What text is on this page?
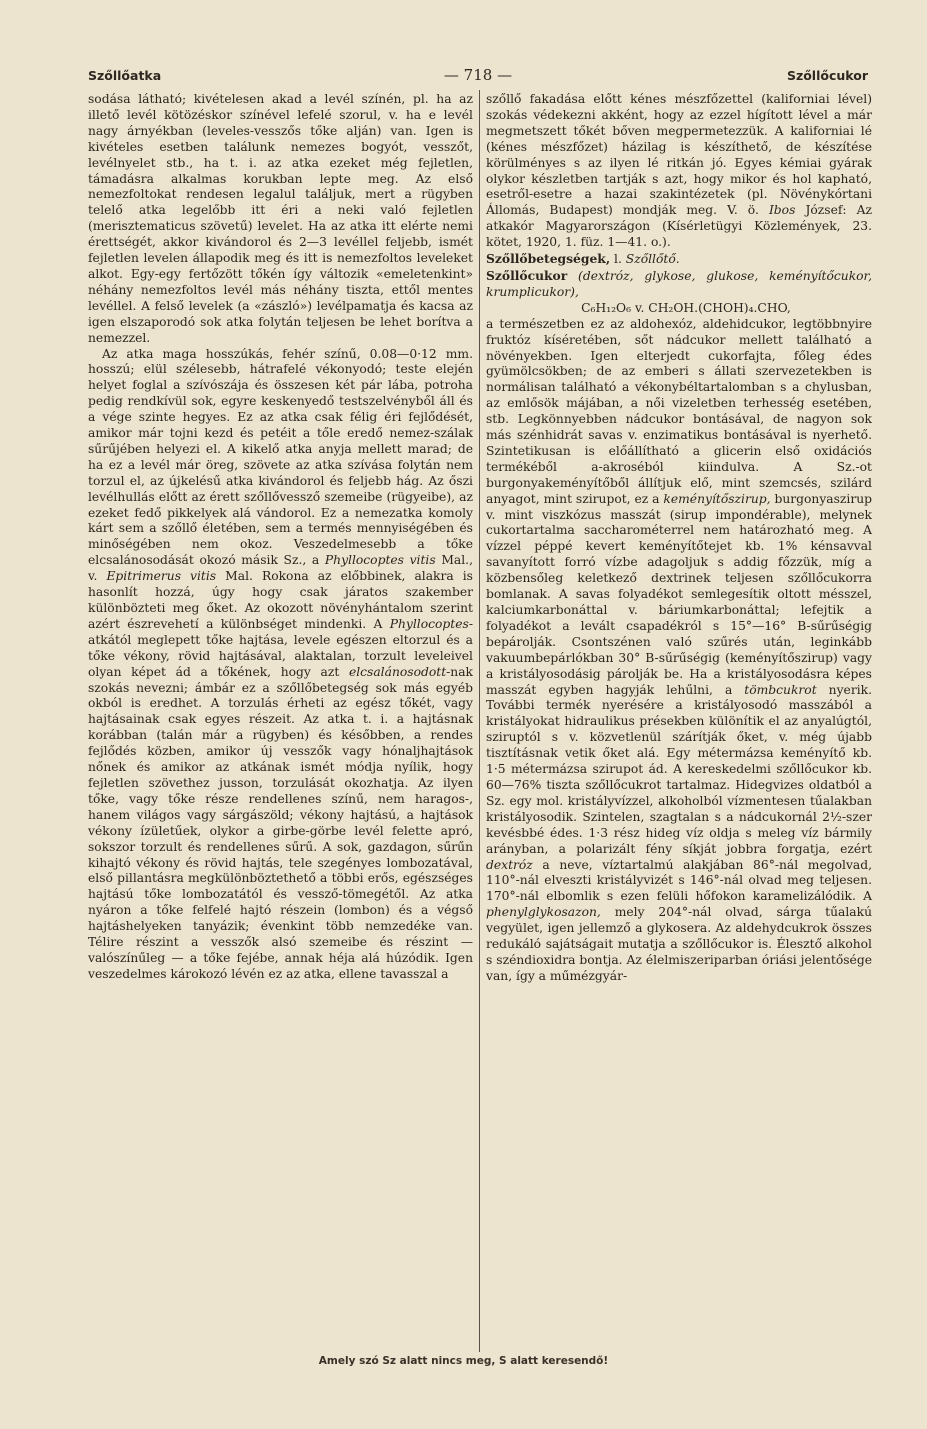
Szőllőatka	— 718 —	Szőllőcukor

sodása látható; kivételesen akad a levél színén, pl. ha az illető levél kötözéskor színével lefelé szorul, v. ha e levél nagy árnyékban (leveles-vesszős tőke alján) van. Igen is kivételes esetben találunk nemezes bogyót, vesszőt, levélnyelet stb., ha t. i. az atka ezeket még fejletlen, támadásra alkalmas korukban lepte meg. Az első nemezfoltokat rendesen legalul találjuk, mert a rügyben telelő atka legelőbb itt éri a neki való fejletlen (merisztematicus szövetű) levelet. Ha az atka itt elérte nemi érettségét, akkor kivándorol és 2—3 levéllel feljebb, ismét fejletlen levelen állapodik meg és itt is nemezfoltos leveleket alkot. Egy-egy fertőzött tőkén így változik «emeletenkint» néhány nemezfoltos levél más néhány tiszta, ettől mentes levéllel. A felső levelek (a «zászló») levélpamatja és kacsa az igen elszaporodó sok atka folytán teljesen be lehet borítva a nemezzel.

Az atka maga hosszúkás, fehér színű, 0.08—0·12 mm. hosszú; elül szélesebb, hátrafelé vékonyodó; teste elején helyet foglal a szívószája és összesen két pár lába, potroha pedig rendkívül sok, egyre keskenyedő testszelvényből áll és a vége szinte hegyes. Ez az atka csak félig éri fejlődését, amikor már tojni kezd és petéit a tőle eredő nemez-szálak sűrűjében helyezi el. A kikelő atka anyja mellett marad; de ha ez a levél már öreg, szövete az atka szívása folytán nem torzul el, az újkelésű atka kivándorol és feljebb hág. Az őszi levélhullás előtt az érett szőllővessző szemeibe (rügyeibe), az ezeket fedő pikkelyek alá vándorol. Ez a nemezatka komoly kárt sem a szőllő életében, sem a termés mennyiségében és minőségében nem okoz. Veszedelmesebb a tőke elcsalánosodását okozó másik Sz., a Phyllocoptes vitis Mal., v. Epitrimerus vitis Mal. Rokona az előbbinek, alakra is hasonlít hozzá, úgy hogy csak járatos szakember különbözteti meg őket. Az okozott növényhántalom szerint azért észrevehetí a különbséget mindenki. A Phyllocoptes-atkától meglepett tőke hajtása, levele egészen eltorzul és a tőke vékony, rövid hajtásával, alaktalan, torzult leveleivel olyan képet ád a tőkének, hogy azt elcsalánosodott-nak szokás nevezni; ámbár ez a szőllőbetegség sok más egyéb okból is eredhet. A torzulás érheti az egész tőkét, vagy hajtásainak csak egyes részeit. Az atka t. i. a hajtásnak korábban (talán már a rügyben) és későbben, a rendes fejlődés közben, amikor új vesszők vagy hónaljhajtások nőnek és amikor az atkának ismét módja nyílik, hogy fejletlen szövethez jusson, torzulását okozhatja. Az ilyen tőke, vagy tőke része rendellenes színű, nem haragos-, hanem világos vagy sárgászöld; vékony hajtású, a hajtások vékony ízületűek, olykor a girbe-görbe levél felette apró, sokszor torzult és rendellenes sűrű. A sok, gazdagon, sűrűn kihajtó vékony és rövid hajtás, tele szegényes lombozatával, első pillantásra megkülönböztethető a többi erős, egészséges hajtású tőke lombozatától és vessző-tömegétől. Az atka nyáron a tőke felfelé hajtó részein (lombon) és a végső hajtáshelyeken tanyázik; évenkint több nemzedéke van. Télire részint a vesszők alsó szemeibe és részint — valószínűleg — a tőke fejébe, annak héja alá húzódik. Igen veszedelmes károkozó lévén ez az atka, ellene tavasszal a

szőllő fakadása előtt kénes mészfőzettel (kaliforniai lével) szokás védekezni akként, hogy az ezzel hígított lével a már megmetszett tőkét bőven megpermetezzük. A kaliforniai lé (kénes mészfőzet) házilag is készíthető, de készítése körülményes s az ilyen lé ritkán jó. Egyes kémiai gyárak olykor készletben tartják s azt, hogy mikor és hol kapható, esetről-esetre a hazai szakintézetek (pl. Növénykórtani Állomás, Budapest) mondják meg. V. ö. Ibos József: Az atkakór Magyarországon (Kísérletügyi Közlemények, 23. kötet, 1920, 1. füz. 1—41. o.).

Szőllőbetegségek, l. Szőllőtő.

Szőllőcukor (dextróz, glykose, glukose, keményítőcukor, krumplicukor),

C₆H₁₂O₆ v. CH₂OH.(CHOH)₄.CHO,

a természetben ez az aldohexóz, aldehidcukor, legtöbbnyire fruktóz kíséretében, sőt nádcukor mellett található a növényekben. Igen elterjedt cukorfajta, főleg édes gyümölcsökben; de az emberi s állati szervezetekben is normálisan található a vékonybéltartalomban s a chylusban, az emlősök májában, a női vizeletben terhesség esetében, stb. Legkönnyebben nádcukor bontásával, de nagyon sok más szénhidrát savas v. enzimatikus bontásával is nyerhető. Szintetikusan is előállítható a glicerin első oxidációs termékéből a-akroséból kiindulva. A Sz.-ot burgonyakeményítőből állítjuk elő, mint szemcsés, szilárd anyagot, mint szirupot, ez a keményítőszirup, burgonyaszirup v. mint viszkózus masszát (sirup impondérable), melynek cukortartalma saccharométerrel nem határozható meg. A vízzel péppé kevert keményítőtejet kb. 1% kénsavval savanyított forró vízbe adagoljuk s addig főzzük, míg a közbensőleg keletkező dextrinek teljesen szőllőcukorra bomlanak. A savas folyadékot semlegesítik oltott mésszel, kalciumkarbonáttal v. báriumkarbonáttal; lefejtik a folyadékot a levált csapadékról s 15°—16° B-sűrűségig bepárolják. Csontszénen való szűrés után, leginkább vakuumbepárlókban 30° B-sűrűségig (keményítőszirup) vagy a kristályosodásig párolják be. Ha a kristályosodásra képes masszát egyben hagyják lehűlni, a tömbcukrot nyerik. További termék nyerésére a kristályosodó masszából a kristályokat hidraulikus présekben különítik el az anyalúgtól, sziruptól s v. közvetlenül szárítják őket, v. még újabb tisztításnak vetik őket alá. Egy métermázsa keményítő kb. 1·5 métermázsa szirupot ád. A kereskedelmi szőllőcukor kb. 60—76% tiszta szőllőcukrot tartalmaz. Hidegvizes oldatból a Sz. egy mol. kristályvízzel, alkoholból vízmentesen tűalakban kristályosodik. Szintelen, szagtalan s a nádcukornál 2½-szer kevésbbé édes. 1·3 rész hideg víz oldja s meleg víz bármily arányban, a polarizált fény síkját jobbra forgatja, ezért dextróz a neve, víztartalmú alakjában 86°-nál megolvad, 110°-nál elveszti kristályvizét s 146°-nál olvad meg teljesen. 170°-nál elbomlik s ezen felüli hőfokon karamelizálódik. A phenylglykosazon, mely 204°-nál olvad, sárga tűalakú vegyület, igen jellemző a glykosera. Az aldehydcukrok összes redukáló sajátságait mutatja a szőllőcukor is. Élesztő alkohol s széndioxidra bontja. Az élelmiszeriparban óriási jelentősége van, így a műmézgyár-

Amely szó Sz alatt nincs meg, S alatt keresendő!
